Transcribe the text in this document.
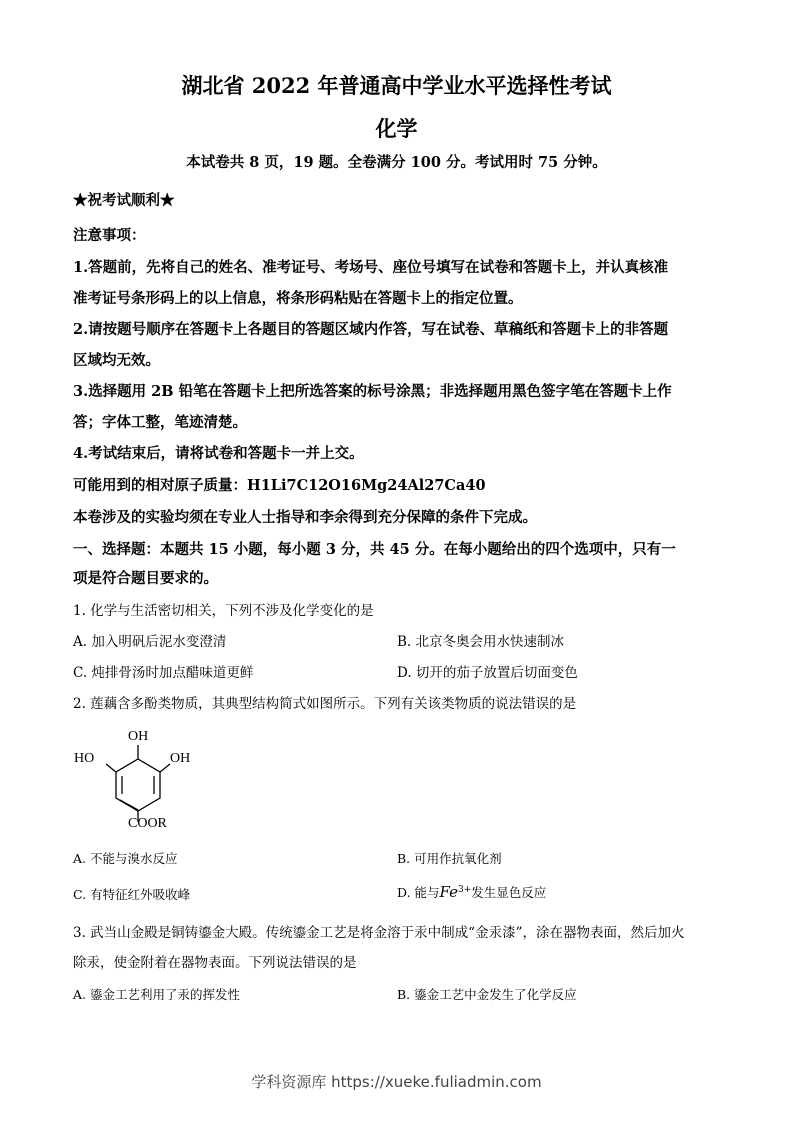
湖北省 2022 年普通高中学业水平选择性考试
化学
本试卷共 8 页，19 题。全卷满分 100 分。考试用时 75 分钟。
★祝考试顺利★
注意事项：
1.答题前，先将自己的姓名、准考证号、考场号、座位号填写在试卷和答题卡上，并认真核准
准考证号条形码上的以上信息，将条形码粘贴在答题卡上的指定位置。
2.请按题号顺序在答题卡上各题目的答题区域内作答，写在试卷、草稿纸和答题卡上的非答题
区域均无效。
3.选择题用 2B 铅笔在答题卡上把所选答案的标号涂黑；非选择题用黑色签字笔在答题卡上作
答；字体工整，笔迹清楚。
4.考试结束后，请将试卷和答题卡一并上交。
可能用到的相对原子质量：H1Li7C12O16Mg24Al27Ca40
本卷涉及的实验均须在专业人士指导和李余得到充分保障的条件下完成。
一、选择题：本题共 15 小题，每小题 3 分，共 45 分。在每小题给出的四个选项中，只有一
项是符合题目要求的。
1. 化学与生活密切相关，下列不涉及化学变化的是
A. 加入明矾后泥水变澄清	B. 北京冬奥会用水快速制冰
C. 炖排骨汤时加点醋味道更鲜	D. 切开的茄子放置后切面变色
2. 莲藕含多酚类物质，其典型结构简式如图所示。下列有关该类物质的说法错误的是
OH
HO	OH
COOR
A. 不能与溴水反应	B. 可用作抗氧化剂
C. 有特征红外吸收峰	D. 能与$Fe^{3+}$发生显色反应
3. 武当山金殿是铜铸鎏金大殿。传统鎏金工艺是将金溶于汞中制成“金汞漆”，涂在器物表面，然后加火
除汞，使金附着在器物表面。下列说法错误的是
A. 鎏金工艺利用了汞的挥发性	B. 鎏金工艺中金发生了化学反应
学科资源库 https://xueke.fuliadmin.com
